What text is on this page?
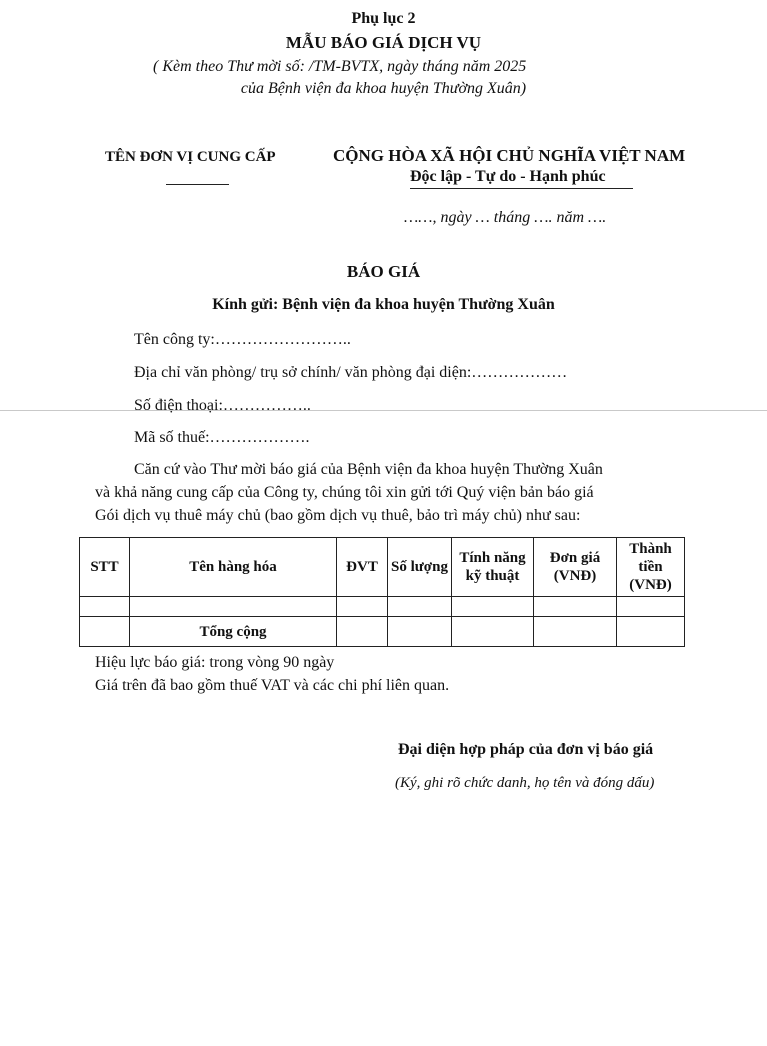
Phụ lục 2
MẪU BÁO GIÁ DỊCH VỤ
( Kèm theo Thư mời số: /TM-BVTX, ngày tháng năm 2025
của Bệnh viện đa khoa huyện Thường Xuân)
TÊN ĐƠN VỊ CUNG CẤP	CỘNG HÒA XÃ HỘI CHỦ NGHĨA VIỆT NAM
Độc lập - Tự do - Hạnh phúc
……, ngày … tháng …. năm ….
BÁO GIÁ
Kính gửi: Bệnh viện đa khoa huyện Thường Xuân
Tên công ty:……………………..
Địa chỉ văn phòng/ trụ sở chính/ văn phòng đại diện:………………
Số điện thoại:……………..
Mã số thuế:……………….
Căn cứ vào Thư mời báo giá của Bệnh viện đa khoa huyện Thường Xuân
và khả năng cung cấp của Công ty, chúng tôi xin gửi tới Quý viện bản báo giá
Gói dịch vụ thuê máy chủ (bao gồm dịch vụ thuê, bảo trì máy chủ) như sau:
STT	Tên hàng hóa	ĐVT	Số lượng	Tính năng kỹ thuật	Đơn giá (VNĐ)	Thành tiền (VNĐ)

	Tổng cộng					
Hiệu lực báo giá: trong vòng 90 ngày
Giá trên đã bao gồm thuế VAT và các chi phí liên quan.
Đại diện hợp pháp của đơn vị báo giá
(Ký, ghi rõ chức danh, họ tên và đóng dấu)
